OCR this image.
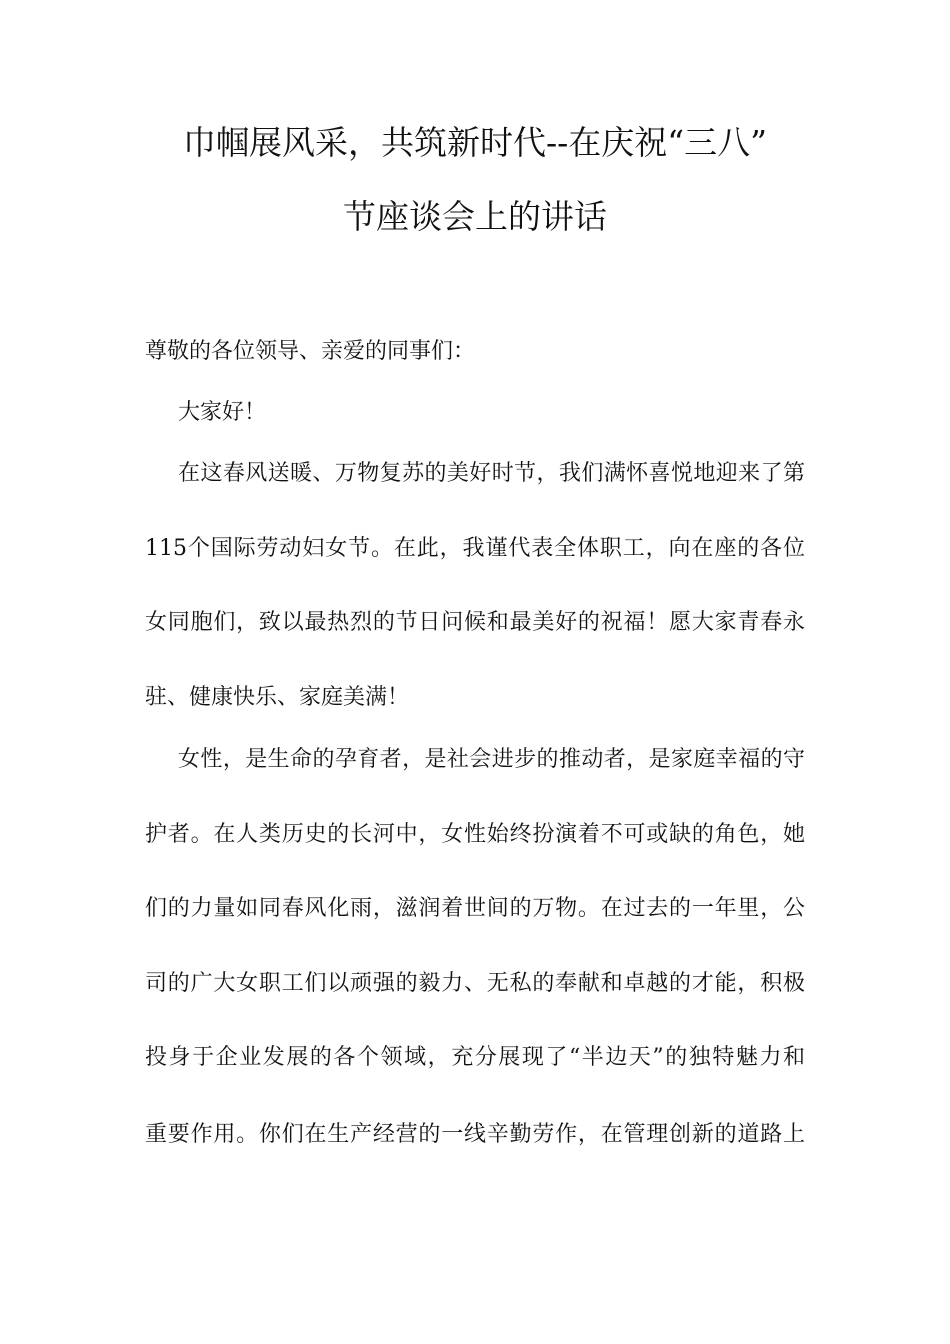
巾帼展风采，共筑新时代--在庆祝“三八”
节座谈会上的讲话
尊敬的各位领导、亲爱的同事们：
大家好！
在这春风送暖、万物复苏的美好时节，我们满怀喜悦地迎来了第
115个国际劳动妇女节。在此，我谨代表全体职工，向在座的各位
女同胞们，致以最热烈的节日问候和最美好的祝福！愿大家青春永
驻、健康快乐、家庭美满！
女性，是生命的孕育者，是社会进步的推动者，是家庭幸福的守
护者。在人类历史的长河中，女性始终扮演着不可或缺的角色，她
们的力量如同春风化雨，滋润着世间的万物。在过去的一年里，公
司的广大女职工们以顽强的毅力、无私的奉献和卓越的才能，积极
投身于企业发展的各个领域，充分展现了“半边天”的独特魅力和
重要作用。你们在生产经营的一线辛勤劳作，在管理创新的道路上
